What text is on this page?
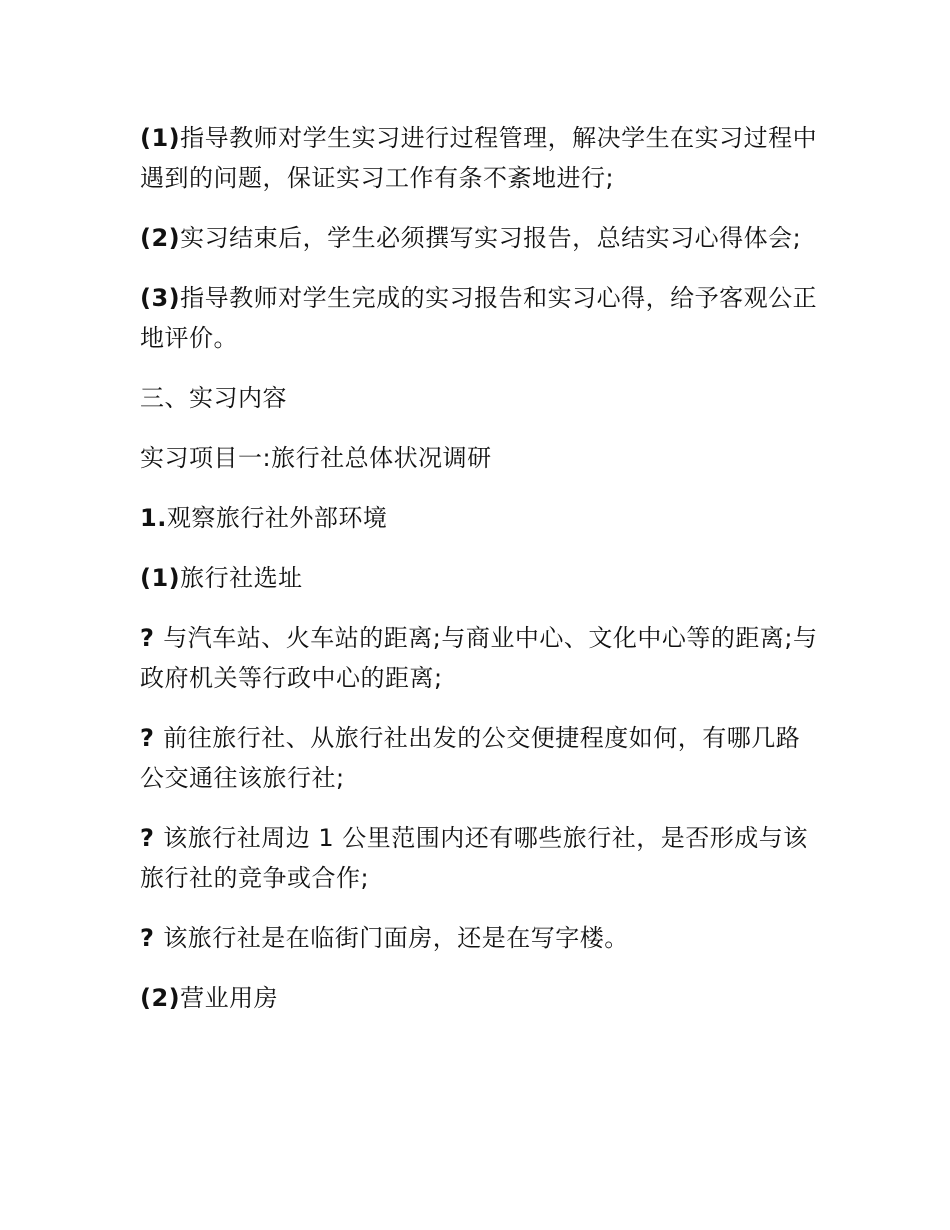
(1)指导教师对学生实习进行过程管理，解决学生在实习过程中遇到的问题，保证实习工作有条不紊地进行;

(2)实习结束后，学生必须撰写实习报告，总结实习心得体会;

(3)指导教师对学生完成的实习报告和实习心得，给予客观公正地评价。

三、实习内容

实习项目一:旅行社总体状况调研

1.观察旅行社外部环境

(1)旅行社选址

? 与汽车站、火车站的距离;与商业中心、文化中心等的距离;与政府机关等行政中心的距离;

? 前往旅行社、从旅行社出发的公交便捷程度如何，有哪几路公交通往该旅行社;

? 该旅行社周边 1 公里范围内还有哪些旅行社，是否形成与该旅行社的竞争或合作;

? 该旅行社是在临街门面房，还是在写字楼。

(2)营业用房
